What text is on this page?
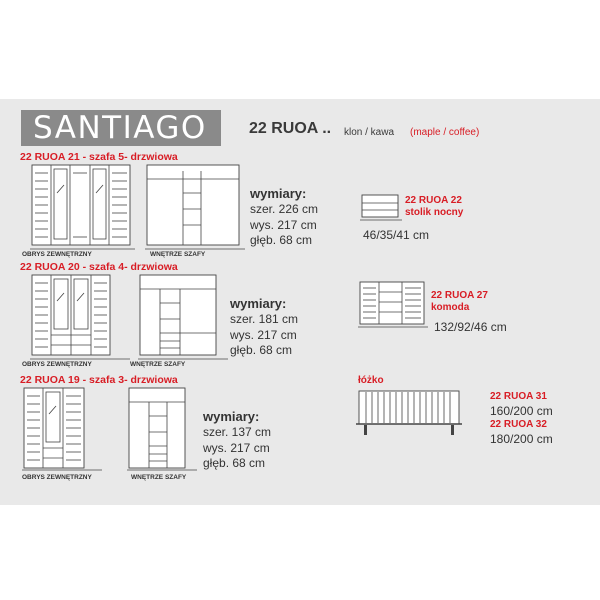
SANTIAGO	22 RUOA .. klon / kawa (maple / coffee)
22 RUOA 21 - szafa 5- drzwiowa
OBRYS ZEWNĘTRZNY	WNĘTRZE SZAFY
wymiary:
szer. 226 cm
wys. 217 cm
głęb. 68 cm
22 RUOA 20 - szafa 4- drzwiowa
OBRYS ZEWNĘTRZNY	WNĘTRZE SZAFY
wymiary:
szer. 181 cm
wys. 217 cm
głęb. 68 cm
22 RUOA 19 - szafa 3- drzwiowa
OBRYS ZEWNĘTRZNY	WNĘTRZE SZAFY
wymiary:
szer. 137 cm
wys. 217 cm
głęb. 68 cm
22 RUOA 22
stolik nocny
46/35/41 cm
22 RUOA 27
komoda
132/92/46 cm
łóżko
22 RUOA 31
160/200 cm
22 RUOA 32
180/200 cm
